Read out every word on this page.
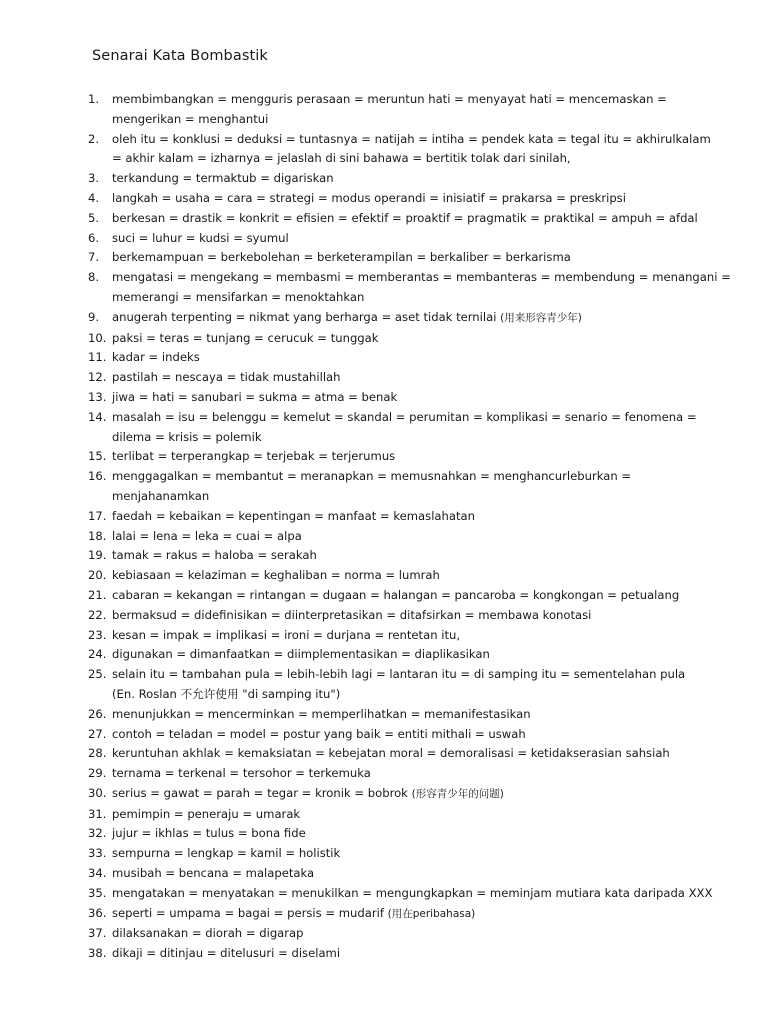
Senarai Kata Bombastik
1.	membimbangkan = mengguris perasaan = meruntun hati = menyayat hati = mencemaskan =
mengerikan = menghantui
2.	oleh itu = konklusi = deduksi = tuntasnya = natijah = intiha = pendek kata = tegal itu = akhirulkalam
= akhir kalam = izharnya = jelaslah di sini bahawa = bertitik tolak dari sinilah,
3.	terkandung = termaktub = digariskan
4.	langkah = usaha = cara = strategi = modus operandi = inisiatif = prakarsa = preskripsi
5.	berkesan = drastik = konkrit = efisien = efektif = proaktif = pragmatik = praktikal = ampuh = afdal
6.	suci = luhur = kudsi = syumul
7.	berkemampuan = berkebolehan = berketerampilan = berkaliber = berkarisma
8.	mengatasi = mengekang = membasmi = memberantas = membanteras = membendung = menangani =
memerangi = mensifarkan = menoktahkan
9.	anugerah terpenting = nikmat yang berharga = aset tidak ternilai (用来形容青少年)
10. paksi = teras = tunjang = cerucuk = tunggak
11. kadar = indeks
12. pastilah = nescaya = tidak mustahillah
13. jiwa = hati = sanubari = sukma = atma = benak
14. masalah = isu = belenggu = kemelut = skandal = perumitan = komplikasi = senario = fenomena =
dilema = krisis = polemik
15. terlibat = terperangkap = terjebak = terjerumus
16. menggagalkan = membantut = meranapkan = memusnahkan = menghancurleburkan =
menjahanamkan
17. faedah = kebaikan = kepentingan = manfaat = kemaslahatan
18. lalai = lena = leka = cuai = alpa
19. tamak = rakus = haloba = serakah
20. kebiasaan = kelaziman = keghaliban = norma = lumrah
21. cabaran = kekangan = rintangan = dugaan = halangan = pancaroba = kongkongan = petualang
22. bermaksud = didefinisikan = diinterpretasikan = ditafsirkan = membawa konotasi
23. kesan = impak = implikasi = ironi = durjana = rentetan itu,
24. digunakan = dimanfaatkan = diimplementasikan = diaplikasikan
25. selain itu = tambahan pula = lebih-lebih lagi = lantaran itu = di samping itu = sementelahan pula
(En. Roslan 不允许使用 "di samping itu")
26. menunjukkan = mencerminkan = memperlihatkan = memanifestasikan
27. contoh = teladan = model = postur yang baik = entiti mithali = uswah
28. keruntuhan akhlak = kemaksiatan = kebejatan moral = demoralisasi = ketidakserasian sahsiah
29. ternama = terkenal = tersohor = terkemuka
30. serius = gawat = parah = tegar = kronik = bobrok (形容青少年的问题)
31. pemimpin = peneraju = umarak
32. jujur = ikhlas = tulus = bona fide
33. sempurna = lengkap = kamil = holistik
34. musibah = bencana = malapetaka
35. mengatakan = menyatakan = menukilkan = mengungkapkan = meminjam mutiara kata daripada XXX
36. seperti = umpama = bagai = persis = mudarif (用在peribahasa)
37. dilaksanakan = diorah = digarap
38. dikaji = ditinjau = ditelusuri = diselami
